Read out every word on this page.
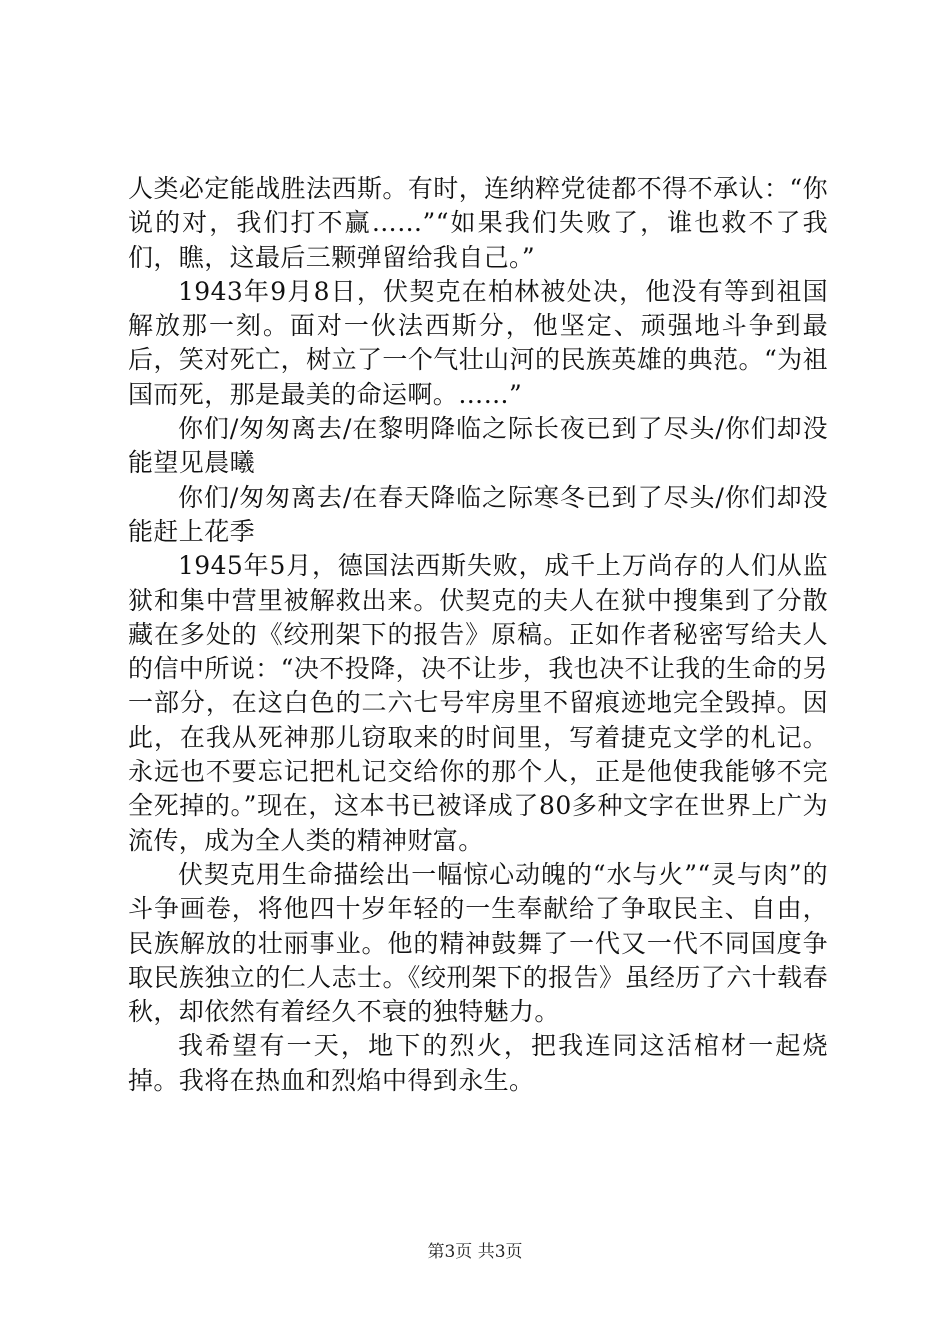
人类必定能战胜法西斯。有时，连纳粹党徒都不得不承认：“你说的对，我们打不赢……”“如果我们失败了，谁也救不了我们，瞧，这最后三颗弹留给我自己。”

1943年9月8日，伏契克在柏林被处决，他没有等到祖国解放那一刻。面对一伙法西斯分，他坚定、顽强地斗争到最后，笑对死亡，树立了一个气壮山河的民族英雄的典范。“为祖国而死，那是最美的命运啊。……”

你们/匆匆离去/在黎明降临之际长夜已到了尽头/你们却没能望见晨曦

你们/匆匆离去/在春天降临之际寒冬已到了尽头/你们却没能赶上花季

1945年5月，德国法西斯失败，成千上万尚存的人们从监狱和集中营里被解救出来。伏契克的夫人在狱中搜集到了分散藏在多处的《绞刑架下的报告》原稿。正如作者秘密写给夫人的信中所说：“决不投降，决不让步，我也决不让我的生命的另一部分，在这白色的二六七号牢房里不留痕迹地完全毁掉。因此，在我从死神那儿窃取来的时间里，写着捷克文学的札记。永远也不要忘记把札记交给你的那个人，正是他使我能够不完全死掉的。”现在，这本书已被译成了80多种文字在世界上广为流传，成为全人类的精神财富。

伏契克用生命描绘出一幅惊心动魄的“水与火”“灵与肉”的斗争画卷，将他四十岁年轻的一生奉献给了争取民主、自由，民族解放的壮丽事业。他的精神鼓舞了一代又一代不同国度争取民族独立的仁人志士。《绞刑架下的报告》虽经历了六十载春秋，却依然有着经久不衰的独特魅力。

我希望有一天，地下的烈火，把我连同这活棺材一起烧掉。我将在热血和烈焰中得到永生。

第3页 共3页
